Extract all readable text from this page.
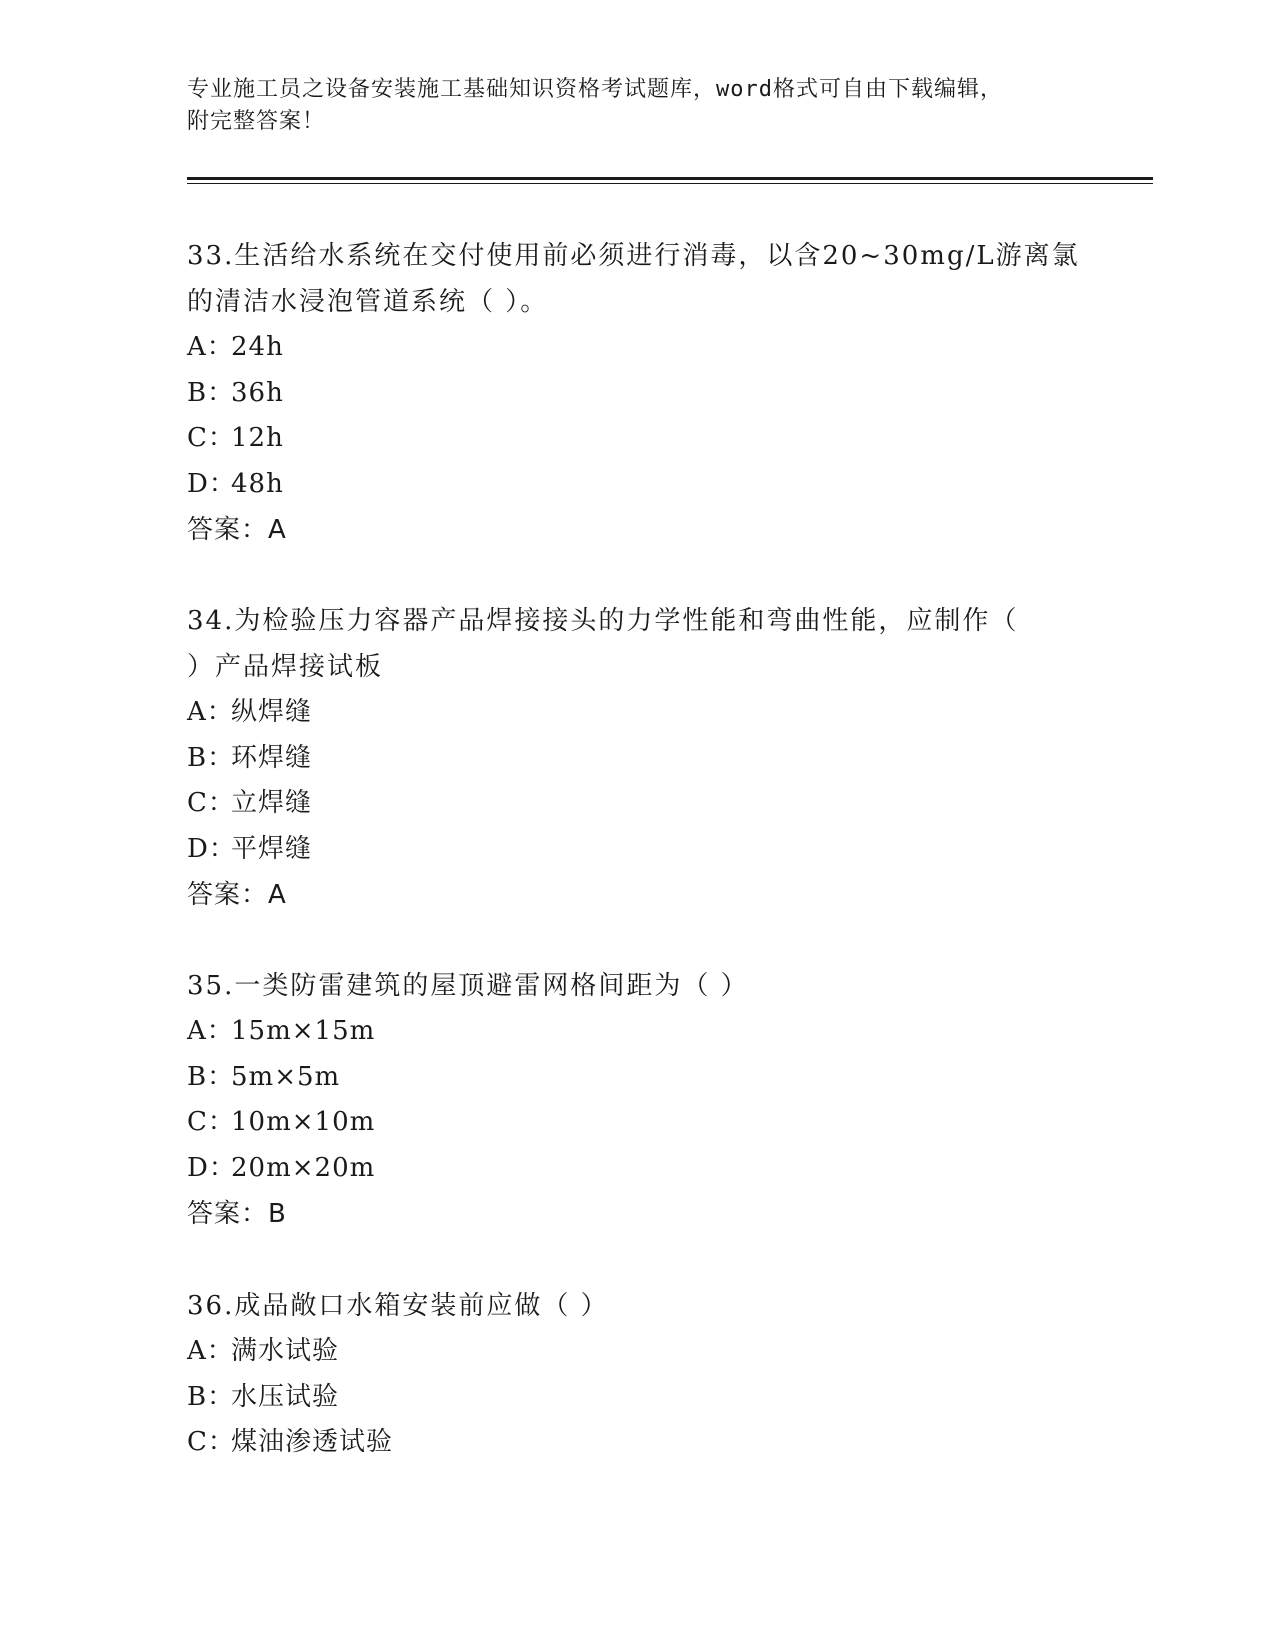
专业施工员之设备安装施工基础知识资格考试题库，word格式可自由下载编辑，
附完整答案！
33.生活给水系统在交付使用前必须进行消毒，以含20~30mg/L游离氯
的清洁水浸泡管道系统（ ）。
A：24h
B：36h
C：12h
D：48h
答案：A
34.为检验压力容器产品焊接接头的力学性能和弯曲性能，应制作（
）产品焊接试板
A：纵焊缝
B：环焊缝
C：立焊缝
D：平焊缝
答案：A
35.一类防雷建筑的屋顶避雷网格间距为（ ）
A：15m×15m
B：5m×5m
C：10m×10m
D：20m×20m
答案：B
36.成品敞口水箱安装前应做（ ）
A：满水试验
B：水压试验
C：煤油渗透试验
